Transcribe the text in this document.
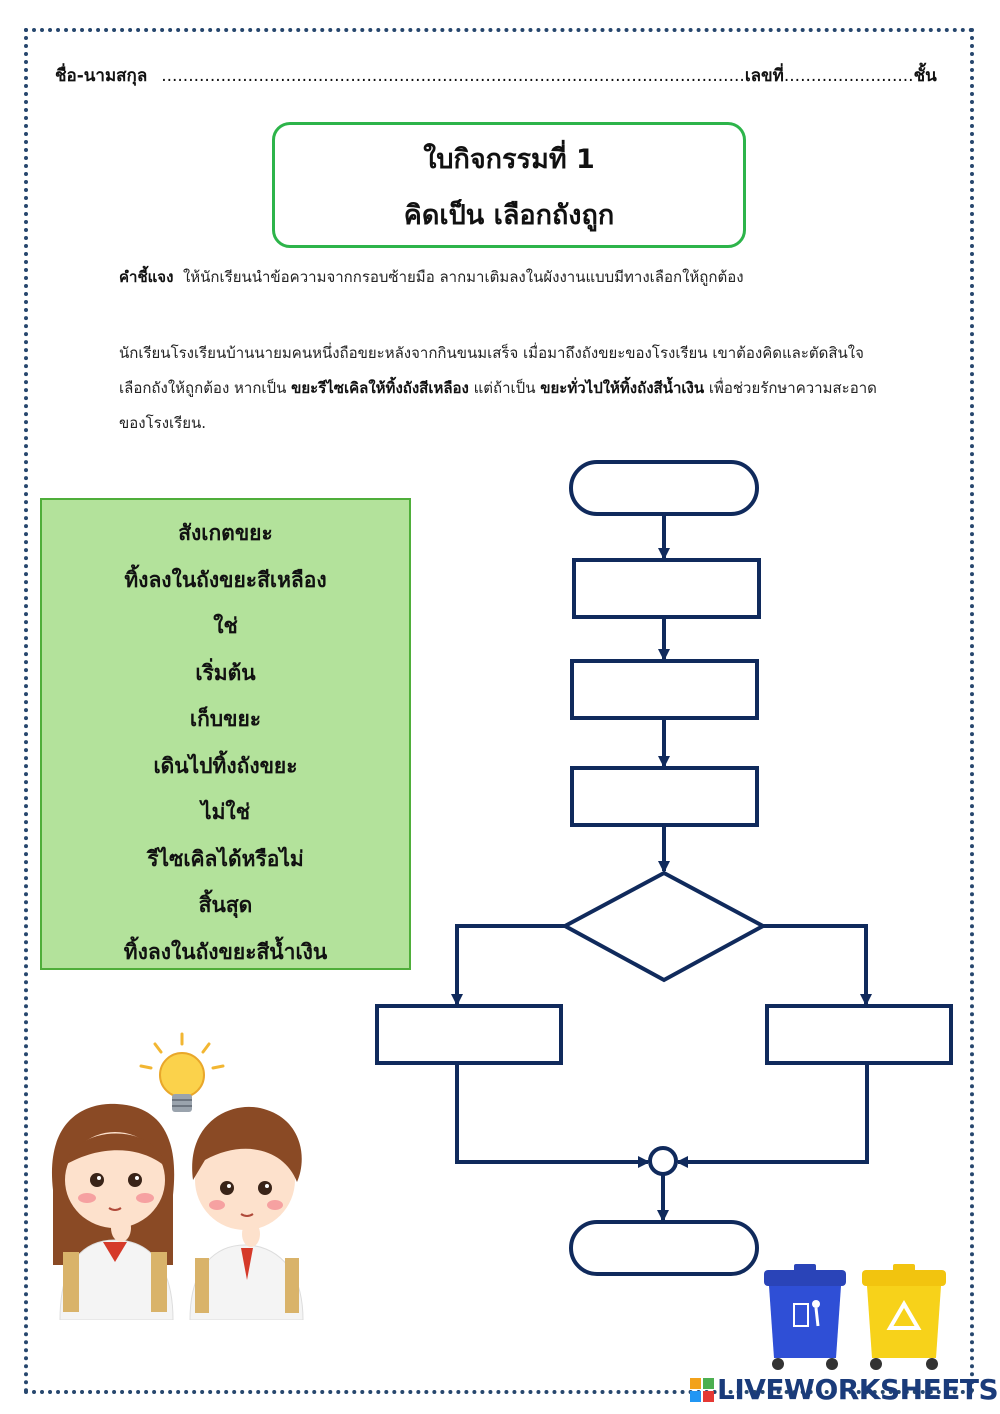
ชื่อ-นามสกุล ............................................................................................................เลขที่........................ชั้น
ใบกิจกรรมที่ 1
คิดเป็น เลือกถังถูก
คำชี้แจง ให้นักเรียนนำข้อความจากกรอบซ้ายมือ ลากมาเติมลงในผังงานแบบมีทางเลือกให้ถูกต้อง
นักเรียนโรงเรียนบ้านนายมคนหนึ่งถือขยะหลังจากกินขนมเสร็จ เมื่อมาถึงถังขยะของโรงเรียน เขาต้องคิดและตัดสินใจเลือกถังให้ถูกต้อง หากเป็น ขยะรีไซเคิลให้ทิ้งถังสีเหลือง แต่ถ้าเป็น ขยะทั่วไปให้ทิ้งถังสีน้ำเงิน เพื่อช่วยรักษาความสะอาดของโรงเรียน.
สังเกตขยะ
ทิ้งลงในถังขยะสีเหลือง
ใช่
เริ่มต้น
เก็บขยะ
เดินไปทิ้งถังขยะ
ไม่ใช่
รีไซเคิลได้หรือไม่
สิ้นสุด
ทิ้งลงในถังขยะสีน้ำเงิน
LIVEWORKSHEETS
